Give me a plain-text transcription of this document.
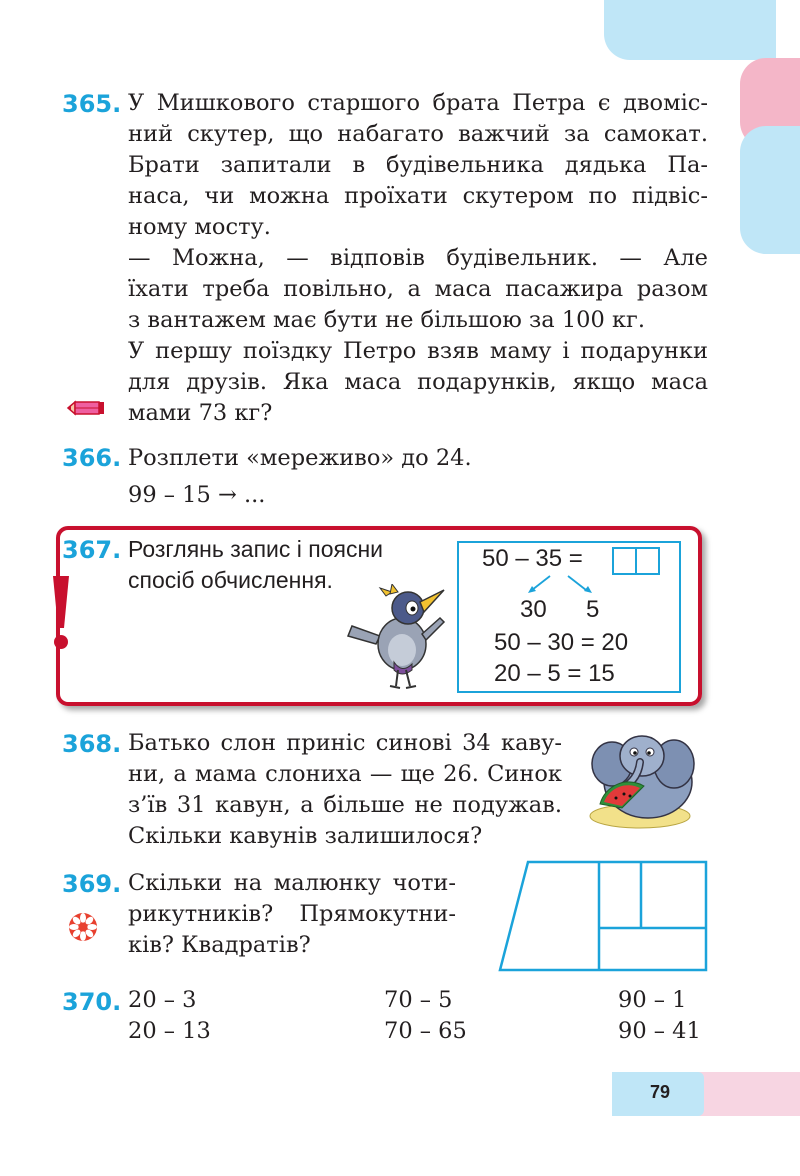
365. У Мишкового старшого брата Петра є двоміс-
ний скутер, що набагато важчий за самокат.
Брати запитали в будівельника дядька Па-
наса, чи можна проїхати скутером по підвіс-
ному мосту.
— Можна, — відповів будівельник. — Але
їхати треба повільно, а маса пасажира разом
з вантажем має бути не більшою за 100 кг.
У першу поїздку Петро взяв маму і подарунки
для друзів. Яка маса подарунків, якщо маса
мами 73 кг?

366. Розплети «мереживо» до 24.
99 – 15 → ...
367. Розглянь запис і поясни
спосіб обчислення.
50 – 35 =
30 5
50 – 30 = 20
20 – 5 = 15
368. Батько слон приніс синові 34 каву-
ни, а мама слониха — ще 26. Синок
з’їв 31 кавун, а більше не подужав.
Скільки кавунів залишилося?

369. Скільки на малюнку чоти-
рикутників? Прямокутни-
ків? Квадратів?

370. 20 – 3
20 – 13
70 – 5
70 – 65
90 – 1
90 – 41
79
